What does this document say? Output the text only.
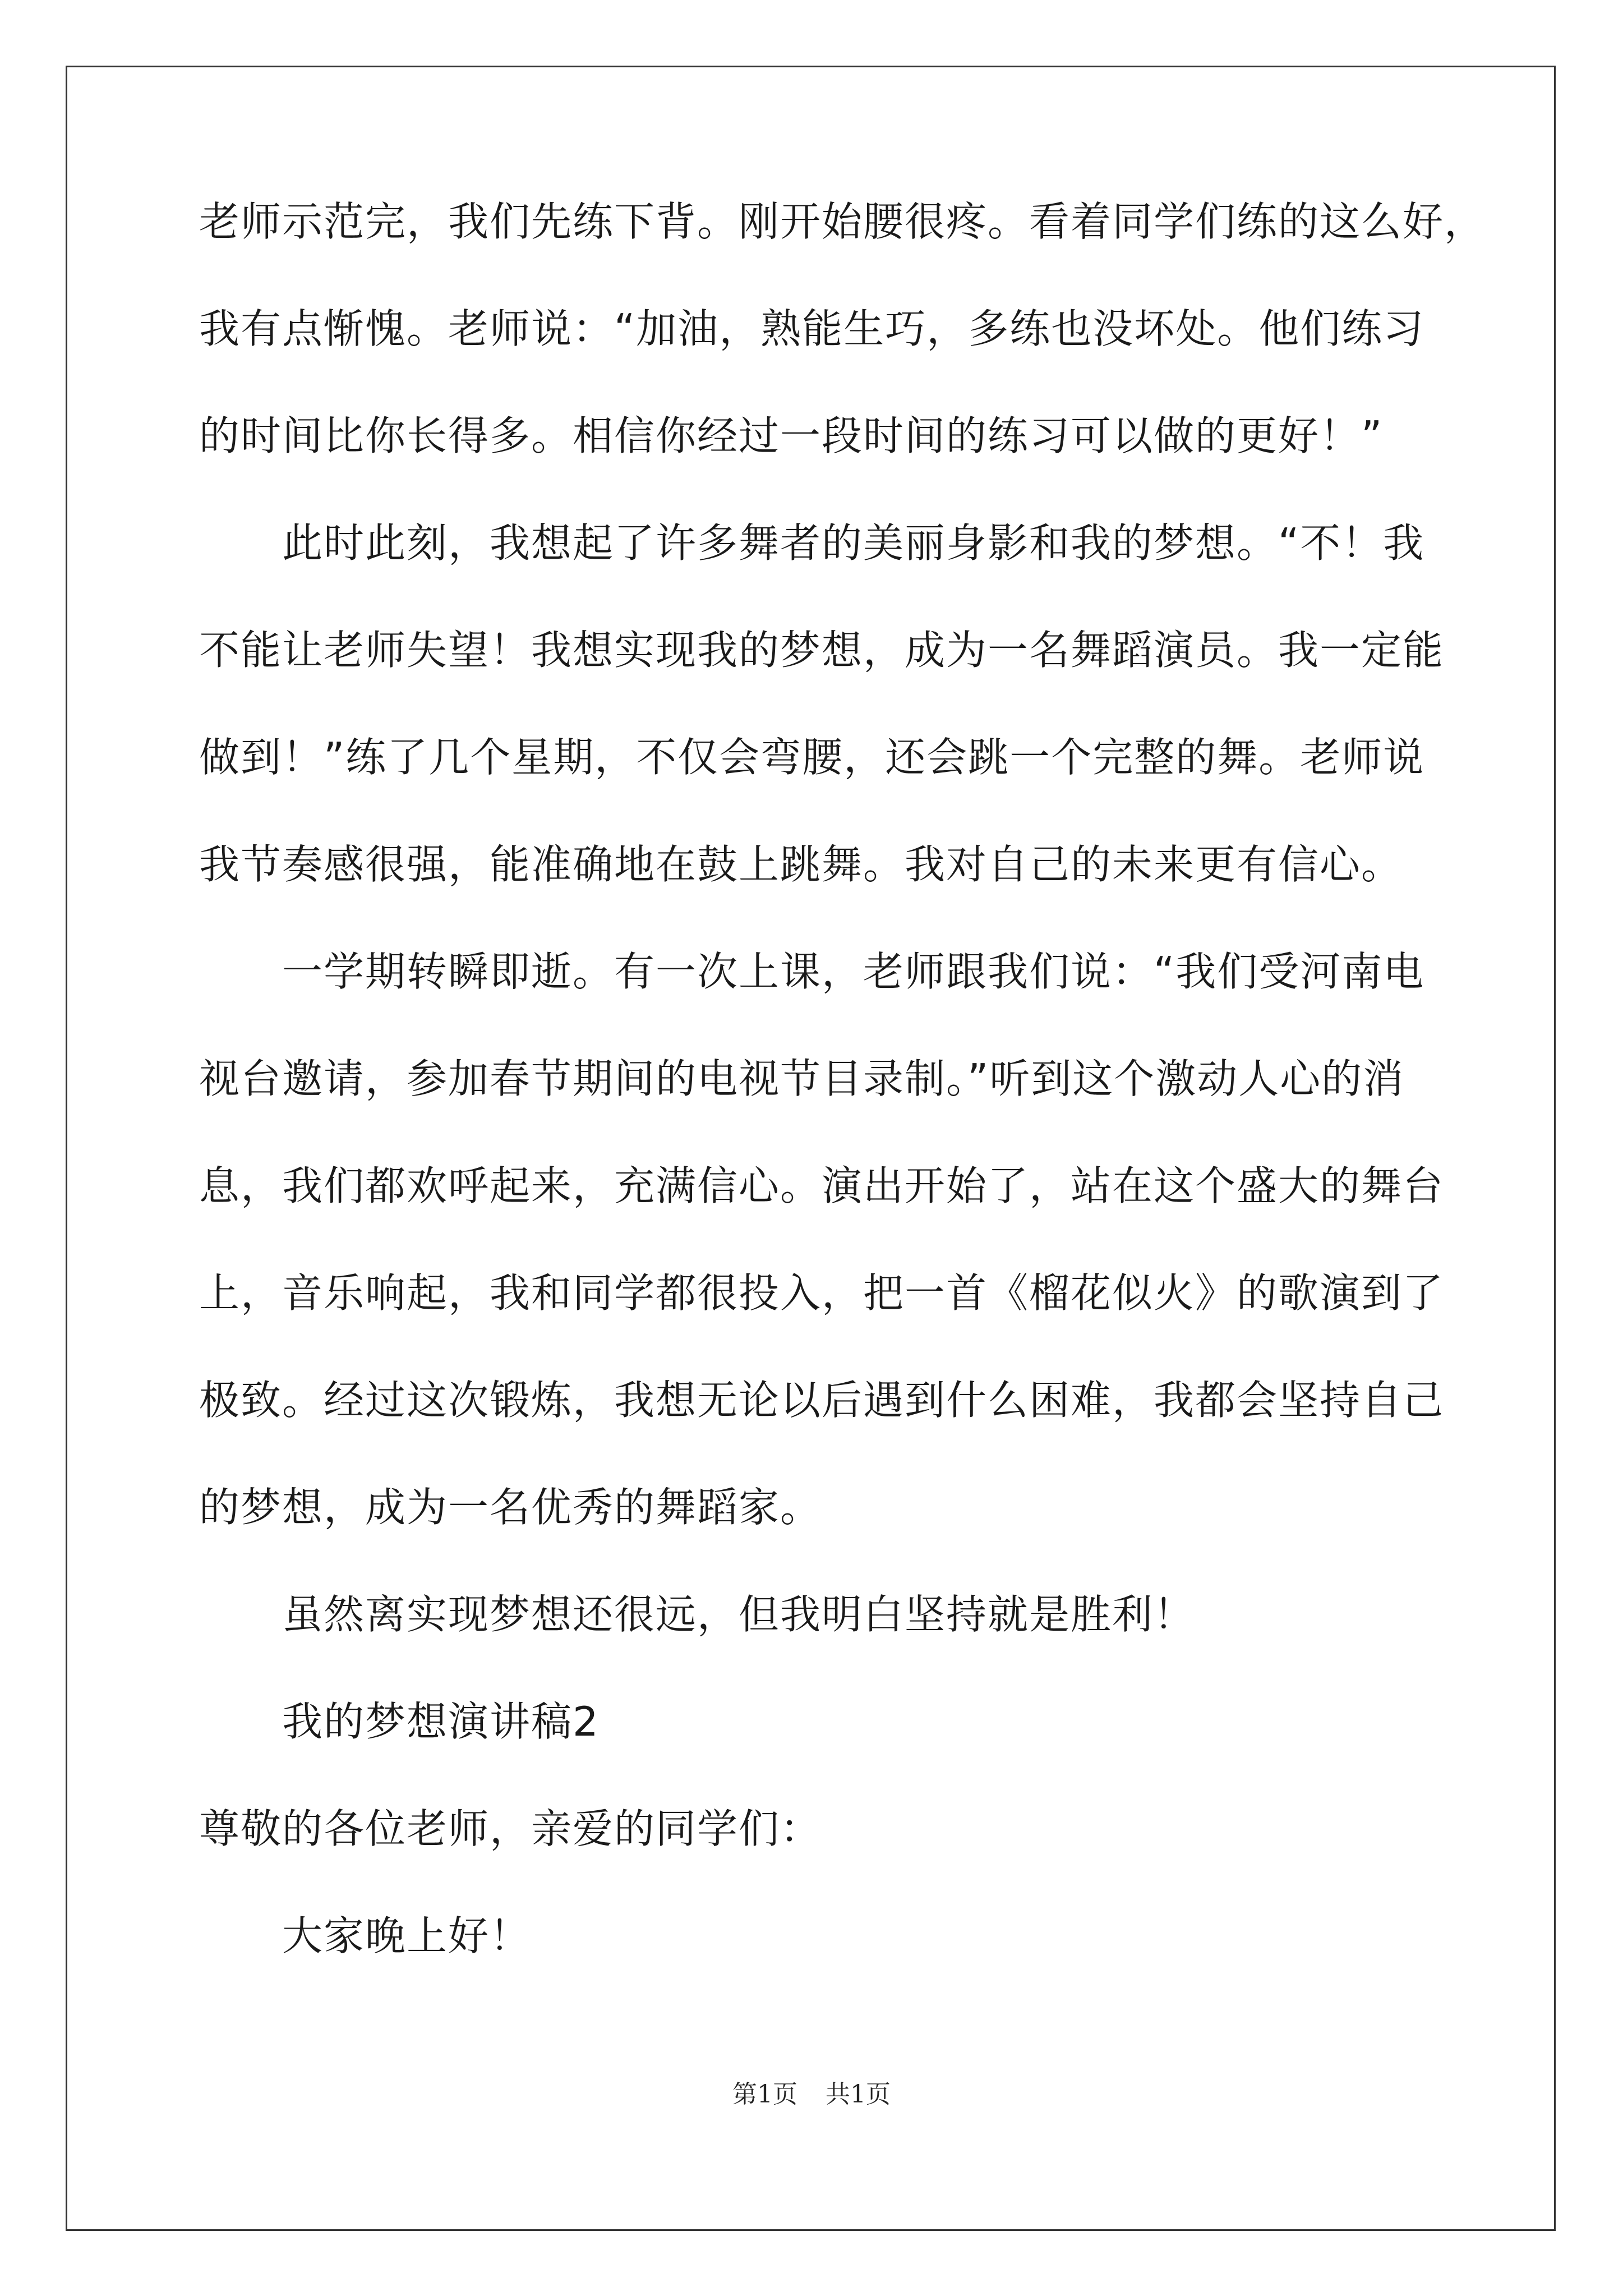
老师示范完，我们先练下背。刚开始腰很疼。看着同学们练的这么好，
我有点惭愧。老师说：“加油，熟能生巧，多练也没坏处。他们练习
的时间比你长得多。相信你经过一段时间的练习可以做的更好！”
此时此刻，我想起了许多舞者的美丽身影和我的梦想。“不！我
不能让老师失望！我想实现我的梦想，成为一名舞蹈演员。我一定能
做到！”练了几个星期，不仅会弯腰，还会跳一个完整的舞。老师说
我节奏感很强，能准确地在鼓上跳舞。我对自己的未来更有信心。
一学期转瞬即逝。有一次上课，老师跟我们说：“我们受河南电
视台邀请，参加春节期间的电视节目录制。”听到这个激动人心的消
息，我们都欢呼起来，充满信心。演出开始了，站在这个盛大的舞台
上，音乐响起，我和同学都很投入，把一首《榴花似火》的歌演到了
极致。经过这次锻炼，我想无论以后遇到什么困难，我都会坚持自己
的梦想，成为一名优秀的舞蹈家。
虽然离实现梦想还很远，但我明白坚持就是胜利！
我的梦想演讲稿2
尊敬的各位老师，亲爱的同学们：
大家晚上好！
第1页 共1页
